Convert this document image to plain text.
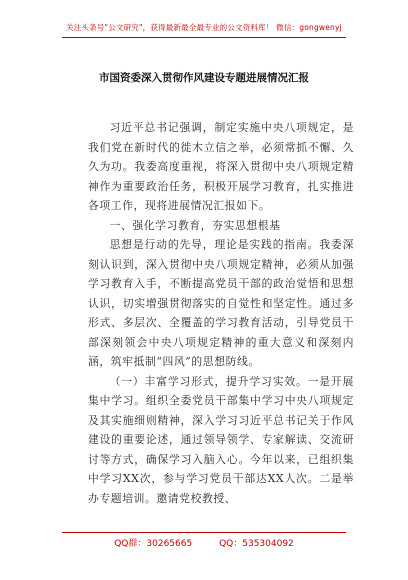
关注头条号"公文研究"，获得最新最全最专业的公文资料库！ 微信：gongwenyj
市国资委深入贯彻作风建设专题进展情况汇报

习近平总书记强调，制定实施中央八项规定，是我们党在新时代的徙木立信之举，必须常抓不懈、久久为功。我委高度重视，将深入贯彻中央八项规定精神作为重要政治任务，积极开展学习教育，扎实推进各项工作，现将进展情况汇报如下。

一、强化学习教育，夯实思想根基

思想是行动的先导，理论是实践的指南。我委深刻认识到，深入贯彻中央八项规定精神，必须从加强学习教育入手，不断提高党员干部的政治觉悟和思想认识，切实增强贯彻落实的自觉性和坚定性。通过多形式、多层次、全覆盖的学习教育活动，引导党员干部深刻领会中央八项规定精神的重大意义和深刻内涵，筑牢抵制“四风”的思想防线。

（一）丰富学习形式，提升学习实效。一是开展集中学习。组织全委党员干部集中学习中央八项规定及其实施细则精神，深入学习习近平总书记关于作风建设的重要论述，通过领导领学、专家解读、交流研讨等方式，确保学习入脑入心。今年以来，已组织集中学习XX次，参与学习党员干部达XX人次。二是举办专题培训。邀请党校教授、

QQ群：30265665	QQ：535304092
